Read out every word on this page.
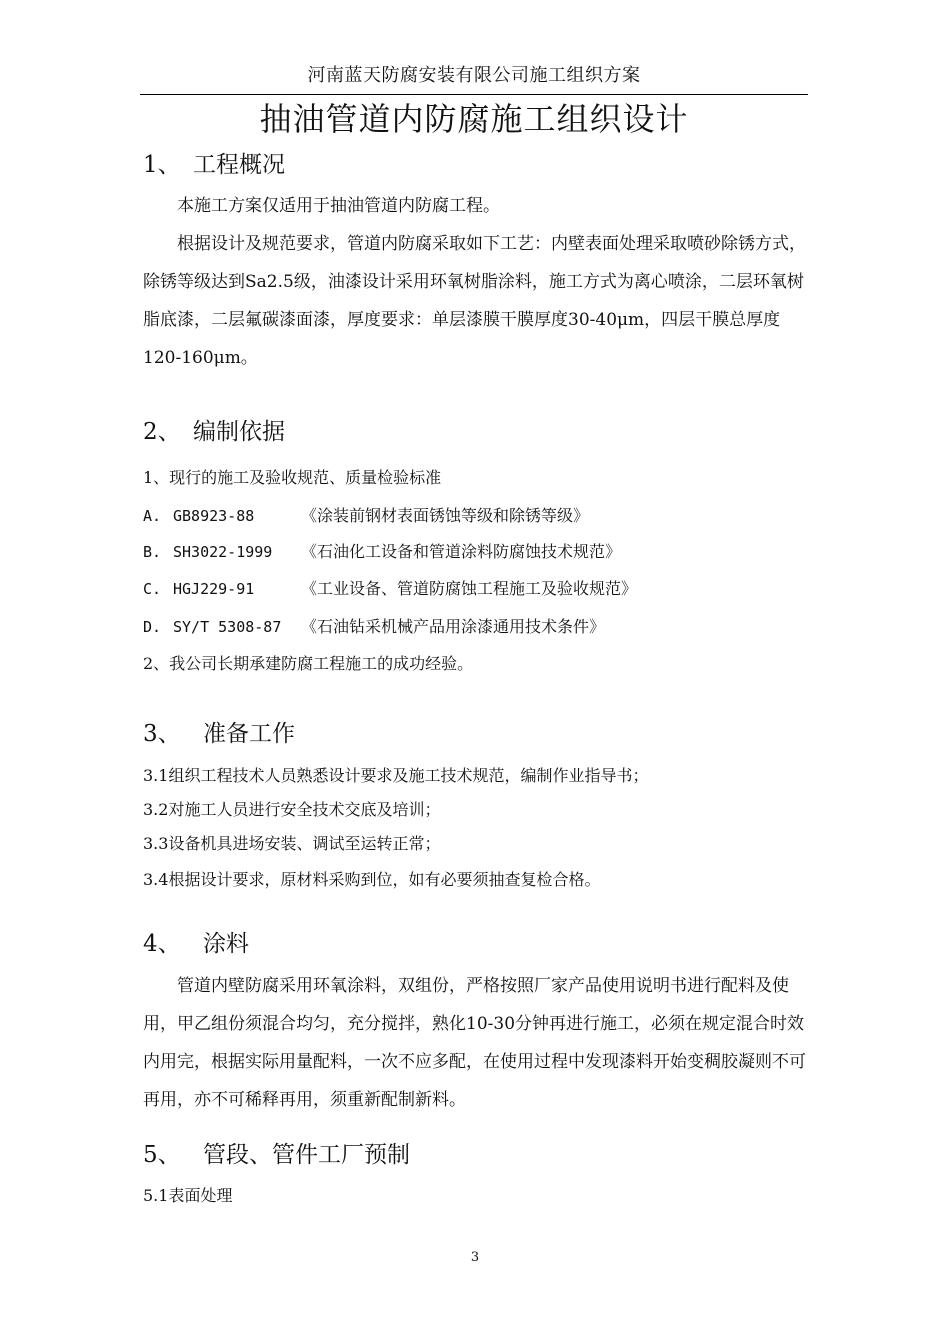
河南蓝天防腐安装有限公司施工组织方案
抽油管道内防腐施工组织设计
1、 工程概况
本施工方案仅适用于抽油管道内防腐工程。
根据设计及规范要求，管道内防腐采取如下工艺：内壁表面处理采取喷砂除锈方式，除锈等级达到Sa2.5级，油漆设计采用环氧树脂涂料，施工方式为离心喷涂，二层环氧树脂底漆，二层氟碳漆面漆，厚度要求：单层漆膜干膜厚度30-40μm，四层干膜总厚度120-160μm。
2、 编制依据
1、现行的施工及验收规范、质量检验标准
A. GB8923-88	《涂装前钢材表面锈蚀等级和除锈等级》
B. SH3022-1999 《石油化工设备和管道涂料防腐蚀技术规范》
C. HGJ229-91	《工业设备、管道防腐蚀工程施工及验收规范》
D. SY/T 5308-87 《石油钻采机械产品用涂漆通用技术条件》
2、我公司长期承建防腐工程施工的成功经验。
3、 准备工作
3.1组织工程技术人员熟悉设计要求及施工技术规范，编制作业指导书；
3.2对施工人员进行安全技术交底及培训；
3.3设备机具进场安装、调试至运转正常；
3.4根据设计要求，原材料采购到位，如有必要须抽查复检合格。
4、 涂料
管道内壁防腐采用环氧涂料，双组份，严格按照厂家产品使用说明书进行配料及使用，甲乙组份须混合均匀，充分搅拌，熟化10-30分钟再进行施工，必须在规定混合时效内用完，根据实际用量配料，一次不应多配，在使用过程中发现漆料开始变稠胶凝则不可再用，亦不可稀释再用，须重新配制新料。
5、 管段、管件工厂预制
5.1表面处理
3
